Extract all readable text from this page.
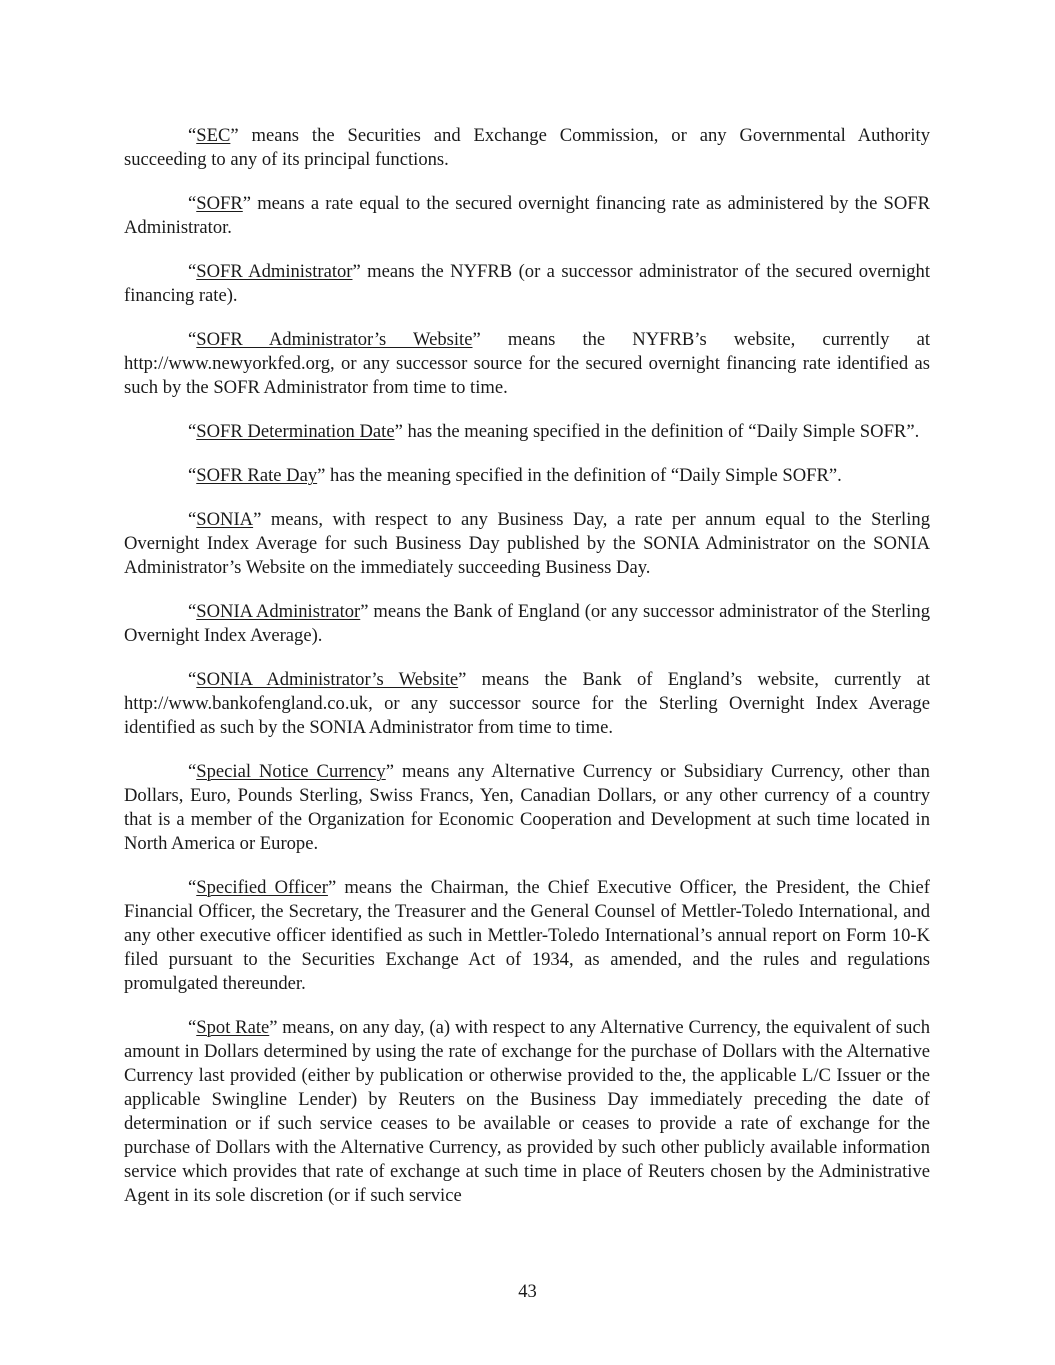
“SEC” means the Securities and Exchange Commission, or any Governmental Authority succeeding to any of its principal functions.

“SOFR” means a rate equal to the secured overnight financing rate as administered by the SOFR Administrator.

“SOFR Administrator” means the NYFRB (or a successor administrator of the secured overnight financing rate).

“SOFR Administrator’s Website” means the NYFRB’s website, currently at http://www.newyorkfed.org, or any successor source for the secured overnight financing rate identified as such by the SOFR Administrator from time to time.

“SOFR Determination Date” has the meaning specified in the definition of “Daily Simple SOFR”.

“SOFR Rate Day” has the meaning specified in the definition of “Daily Simple SOFR”.

“SONIA” means, with respect to any Business Day, a rate per annum equal to the Sterling Overnight Index Average for such Business Day published by the SONIA Administrator on the SONIA Administrator’s Website on the immediately succeeding Business Day.

“SONIA Administrator” means the Bank of England (or any successor administrator of the Sterling Overnight Index Average).

“SONIA Administrator’s Website” means the Bank of England’s website, currently at http://www.bankofengland.co.uk, or any successor source for the Sterling Overnight Index Average identified as such by the SONIA Administrator from time to time.

“Special Notice Currency” means any Alternative Currency or Subsidiary Currency, other than Dollars, Euro, Pounds Sterling, Swiss Francs, Yen, Canadian Dollars, or any other currency of a country that is a member of the Organization for Economic Cooperation and Development at such time located in North America or Europe.

“Specified Officer” means the Chairman, the Chief Executive Officer, the President, the Chief Financial Officer, the Secretary, the Treasurer and the General Counsel of Mettler-Toledo International, and any other executive officer identified as such in Mettler-Toledo International’s annual report on Form 10-K filed pursuant to the Securities Exchange Act of 1934, as amended, and the rules and regulations promulgated thereunder.

“Spot Rate” means, on any day, (a) with respect to any Alternative Currency, the equivalent of such amount in Dollars determined by using the rate of exchange for the purchase of Dollars with the Alternative Currency last provided (either by publication or otherwise provided to the, the applicable L/C Issuer or the applicable Swingline Lender) by Reuters on the Business Day immediately preceding the date of determination or if such service ceases to be available or ceases to provide a rate of exchange for the purchase of Dollars with the Alternative Currency, as provided by such other publicly available information service which provides that rate of exchange at such time in place of Reuters chosen by the Administrative Agent in its sole discretion (or if such service

43
